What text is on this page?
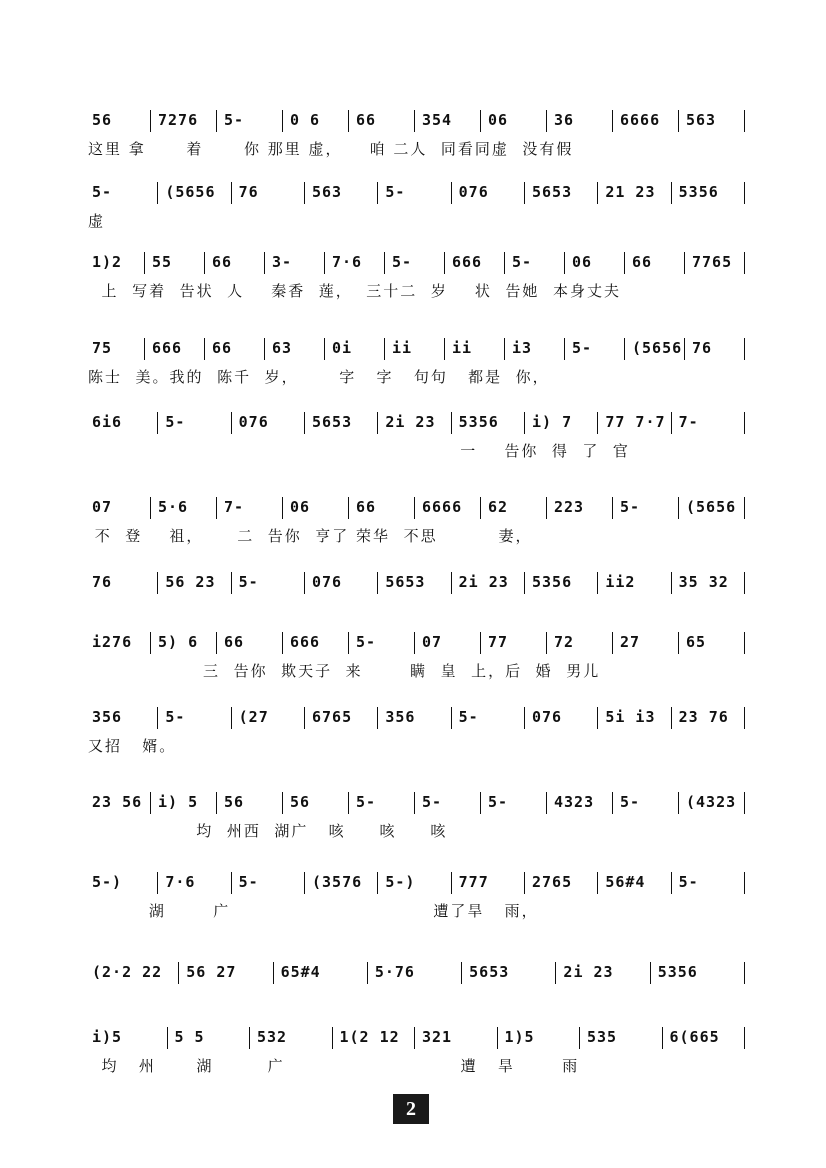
56	7276 5-	0 6 66	354 06	36	6666 563
这里 拿      着      你 那里 虚，    咱 二人  同看同虚  没有假
5-	(5656 76	563	5-	076	5653 21 23 5356
虚
1)2 55	66	3-	7·6 5-	666 5-	06	66	7765
上  写着  告状  人    秦香  莲，  三十二  岁    状  告她  本身丈夫
75	666 66	63	0i	ii	ii	i3	5-	(5656 76
陈士  美。我的  陈千  岁，      字   字   句句   都是  你，
6i6	5-	076	5653 2i 23 5356 i) 7 77 7·7 7-
一    告你  得  了  官
07	5·6 7-	06	66	6666 62	223 5-	(5656
不  登    祖，     二  告你  亨了 荣华  不思         妻，
76	56 23 5-	076	5653 2i 23 5356 ii2	35 32
i276 5) 6 66	666 5-	07	77	72	27	65
三  告你  欺天子  来       瞒  皇  上，后  婚  男儿
356	5-	(27	6765 356	5-	076	5i i3 23 76
又招   婿。
23 56 i) 5 56	56	5-	5-	5-	4323 5-	(4323
均  州西  湖广   咳     咳     咳
5-)	7·6	5-	(3576 5-)	777	2765 56#4 5-
湖       广                              遭了旱   雨，
(2·2 22 56 27	65#4	5·76	5653	2i 23	5356
i)5	5 5	532	1(2 12 321	1)5	535	6(665
均   州      湖        广                          遭   旱       雨
2
